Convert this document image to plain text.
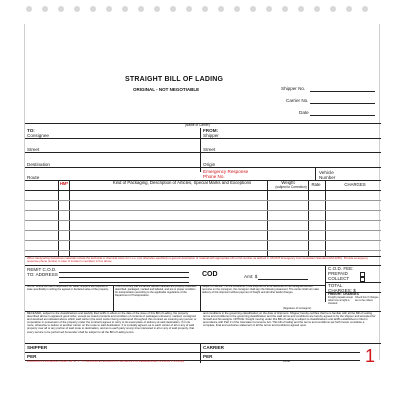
STRAIGHT BILL OF LADING
ORIGINAL - NOT NEGOTIABLE	Shipper No.
Carrier No.
Date
(Name of Carrier)
TO:
Consignee
FROM:
Shipper
Street	Street
Destination	Origin
Route
Emergency Response
Phone No.
Vehicle Number
HM*	Kind of Packaging, Description of Articles, Special Marks and Exceptions	Weight
(subject to Correction)	Rate	CHARGES
When transporting hazardous materials include the technical or chemical name for n.o.s. (not otherwise specified) or generic description of material with appropriate UN or NA number as defined in US DOT Emergency Communication Standard (HM-126C). Provide emergency response phone number in case of incident or accident in box above.
REMIT C.O.D. TO: ADDRESS	COD	Amt: $
C.O.D. FEE: PREPAID COLLECT
TOTAL CHARGES: $
FREIGHT CHARGES
Freight prepaid except when box at right is checked
Check box if charges are to be collect
NOTE: Where the rate is dependent on value, shippers are required to state specifically in writing the agreed or declared value of the property.
This is to certify that the above named materials are properly classified, described, packaged, marked and labeled, and are in proper condition for transportation according to the applicable regulations of the Department of Transportation.
Subject to Section 7 of the conditions, if this shipment is to be delivered to the consignee without recourse on the consignor, the consignor shall sign the following statement: The carrier shall not make delivery of this shipment without payment of freight and all other lawful charges.
(Signature of Consignor)
RECEIVED, subject to the classifications and lawfully filed tariffs in effect on the date of the issue of this Bill of Lading, the property described above in apparent good order, except as noted (contents and condition of contents of packages unknown), marked, consigned and destined as indicated above which said carrier (the word carrier being understood throughout this contract as meaning any person or corporation in possession of the property under the contract) agrees to carry to its usual place of delivery at said destination, if on its route, otherwise to deliver to another carrier on the route to said destination. It is mutually agreed, as to each carrier of all or any of said property over all or any portion of said route to destination, and as to each party at any time interested in all or any of said property, that every service to be performed hereunder shall be subject to all the Bill of Lading terms.
and conditions in the governing classification on the date of shipment. Shipper hereby certifies that he is familiar with all the Bill of Lading terms and conditions in the governing classification and the said terms and conditions are hereby agreed to by the shipper and accepted for himself and his assigns. NOTICE: Freight moving under this Bill of Lading is subject to classifications and tariffs established or filed in accordance with Part II of the Interstate Commerce Act. This bill of lading and the terms and conditions set forth herein constitute a complete, final and exclusive statement of all the terms and conditions agreed upon.
SHIPPER	CARRIER
PER	PER	1
*HAZARDOUS MATERIALS MARK WITH "X" TO DESIGNATE HAZARDOUS MATERIALS AS REFERENCED IN 49CFR 172.201(A)	DATE
